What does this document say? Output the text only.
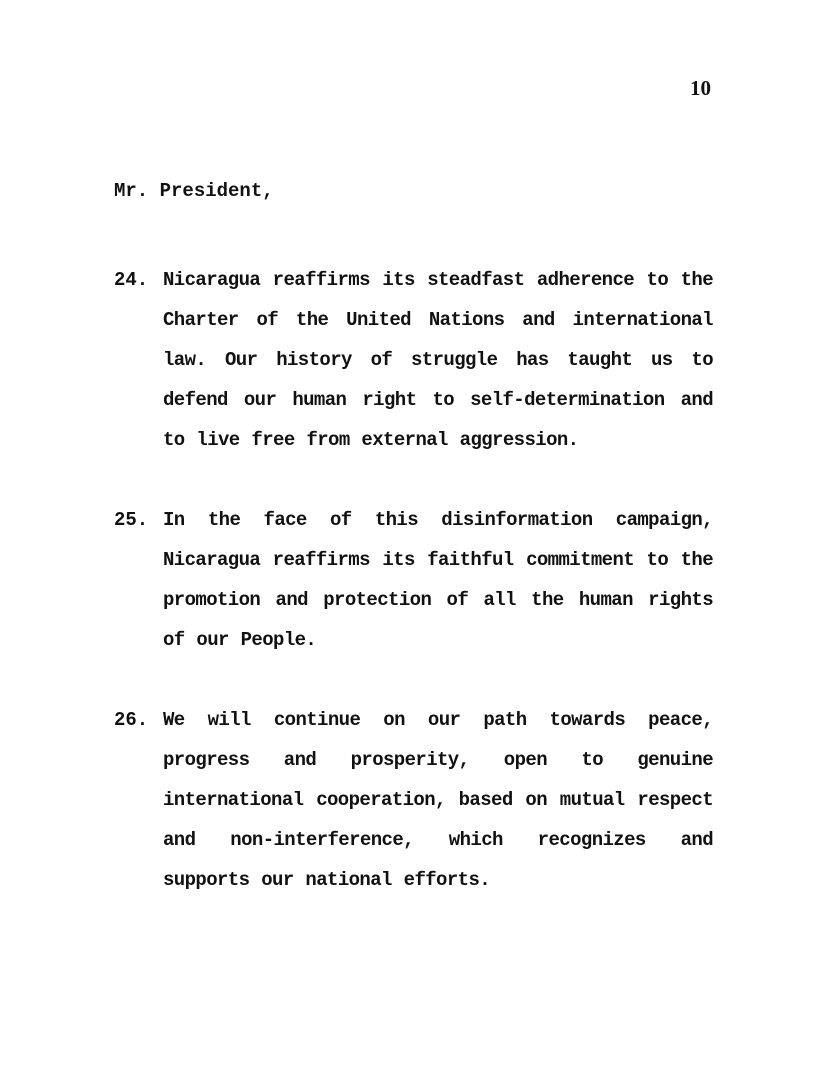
10

Mr. President,

24. Nicaragua reaffirms its steadfast adherence to the Charter of the United Nations and international law. Our history of struggle has taught us to defend our human right to self-determination and to live free from external aggression.
25. In the face of this disinformation campaign, Nicaragua reaffirms its faithful commitment to the promotion and protection of all the human rights of our People.
26. We will continue on our path towards peace, progress and prosperity, open to genuine international cooperation, based on mutual respect and non-interference, which recognizes and supports our national efforts.
